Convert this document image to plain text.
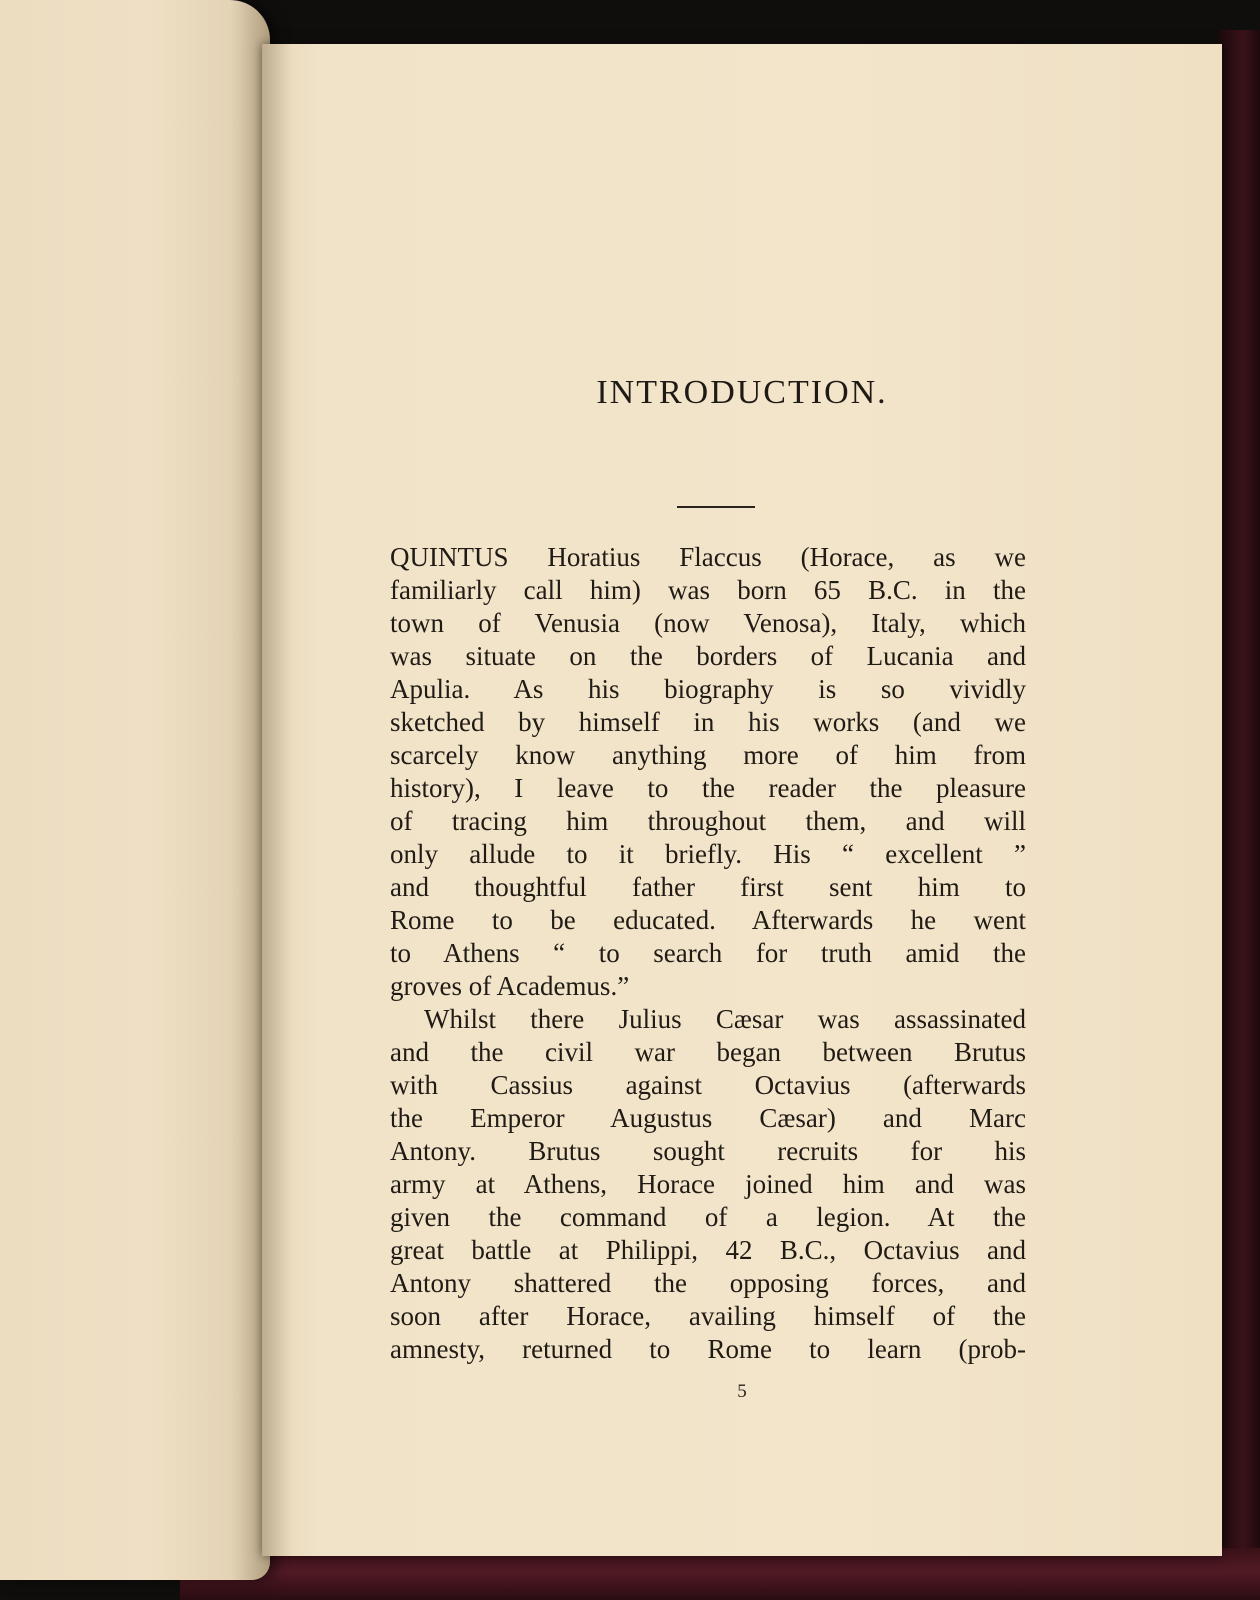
INTRODUCTION.
QUINTUS Horatius Flaccus (Horace, as we
familiarly call him) was born 65 B.C. in the
town of Venusia (now Venosa), Italy, which
was situate on the borders of Lucania and
Apulia. As his biography is so vividly
sketched by himself in his works (and we
scarcely know anything more of him from
history), I leave to the reader the pleasure
of tracing him throughout them, and will
only allude to it briefly. His “ excellent ”
and thoughtful father first sent him to
Rome to be educated. Afterwards he went
to Athens “ to search for truth amid the
groves of Academus.”
Whilst there Julius Cæsar was assassinated
and the civil war began between Brutus
with Cassius against Octavius (afterwards
the Emperor Augustus Cæsar) and Marc
Antony. Brutus sought recruits for his
army at Athens, Horace joined him and was
given the command of a legion. At the
great battle at Philippi, 42 B.C., Octavius and
Antony shattered the opposing forces, and
soon after Horace, availing himself of the
amnesty, returned to Rome to learn (prob-
5
